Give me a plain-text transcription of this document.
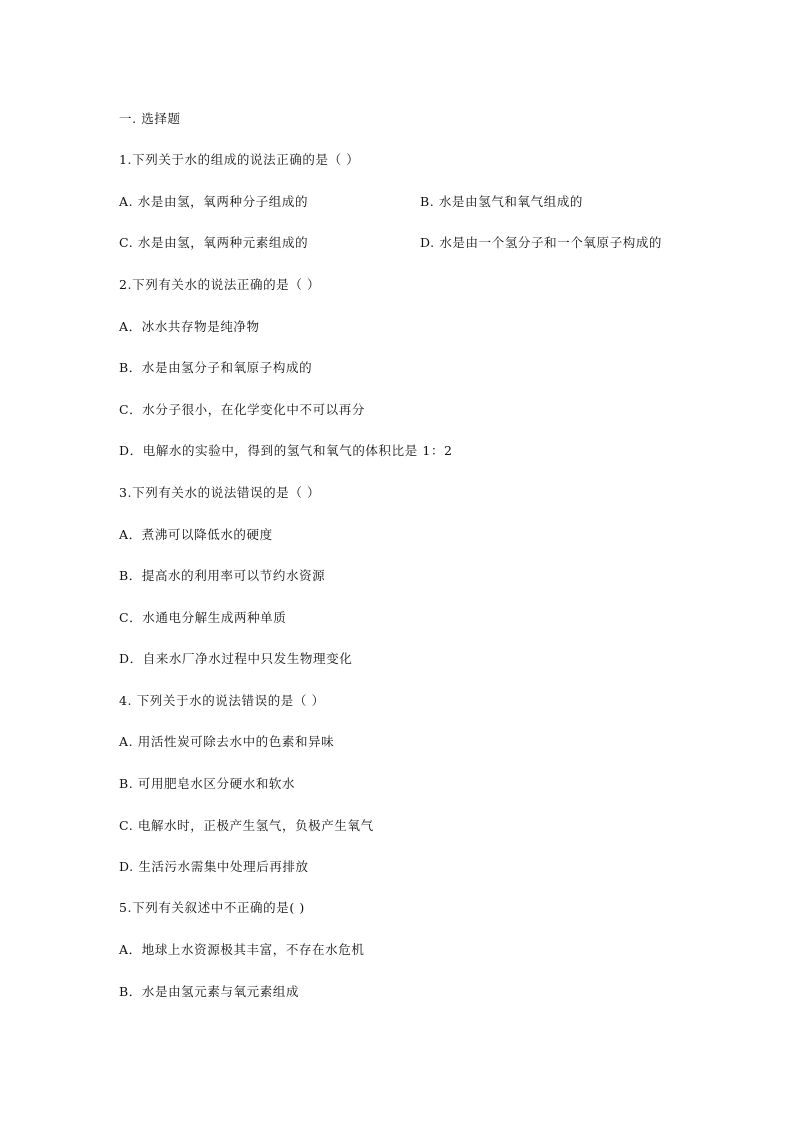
一. 选择题
1.下列关于水的组成的说法正确的是（ ）
A. 水是由氢，氧两种分子组成的	B. 水是由氢气和氧气组成的
C. 水是由氢，氧两种元素组成的	D. 水是由一个氢分子和一个氧原子构成的
2.下列有关水的说法正确的是（ ）
A．冰水共存物是纯净物
B．水是由氢分子和氧原子构成的
C．水分子很小，在化学变化中不可以再分
D．电解水的实验中，得到的氢气和氧气的体积比是 1：2
3.下列有关水的说法错误的是（ ）
A．煮沸可以降低水的硬度
B．提高水的利用率可以节约水资源
C．水通电分解生成两种单质
D．自来水厂净水过程中只发生物理变化
4. 下列关于水的说法错误的是（ ）
A. 用活性炭可除去水中的色素和异味
B. 可用肥皂水区分硬水和软水
C. 电解水时，正极产生氢气，负极产生氧气
D. 生活污水需集中处理后再排放
5.下列有关叙述中不正确的是( )
A．地球上水资源极其丰富，不存在水危机
B．水是由氢元素与氧元素组成
